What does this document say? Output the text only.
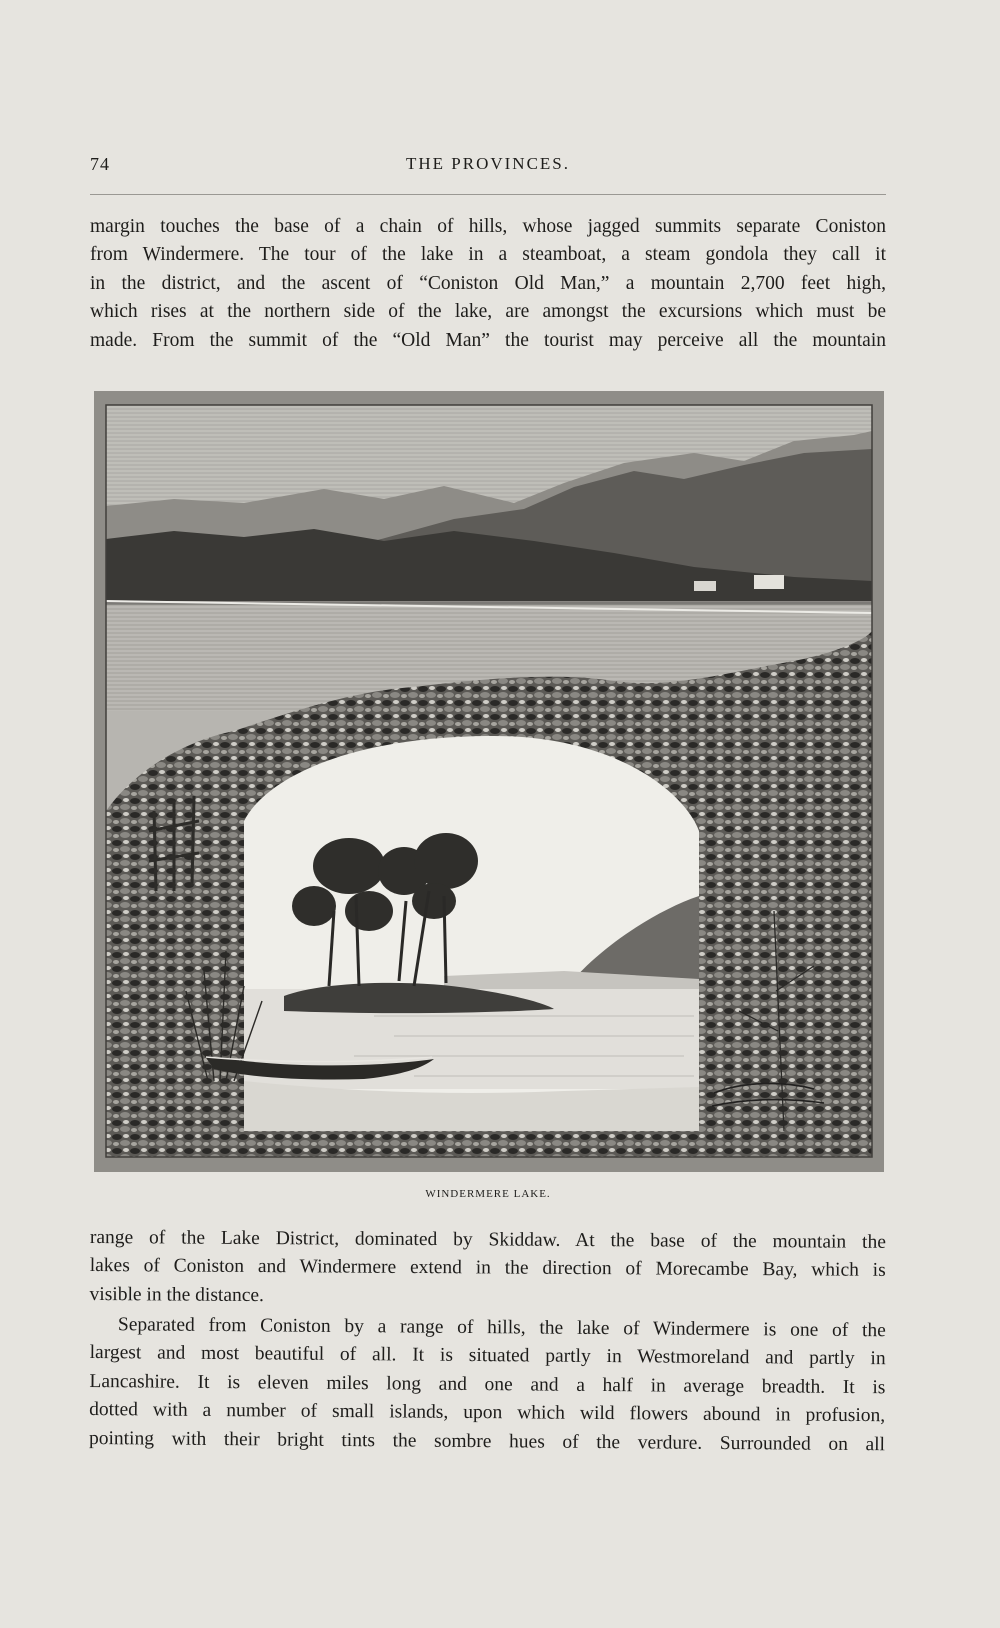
74	THE PROVINCES.
margin touches the base of a chain of hills, whose jagged summits separate Coniston
from Windermere. The tour of the lake in a steamboat, a steam gondola they call it
in the district, and the ascent of “Coniston Old Man,” a mountain 2,700 feet high,
which rises at the northern side of the lake, are amongst the excursions which must be
made. From the summit of the “Old Man” the tourist may perceive all the mountain
WINDERMERE LAKE.
range of the Lake District, dominated by Skiddaw. At the base of the mountain the
lakes of Coniston and Windermere extend in the direction of Morecambe Bay, which is
visible in the distance.
Separated from Coniston by a range of hills, the lake of Windermere is one of the
largest and most beautiful of all. It is situated partly in Westmoreland and partly in
Lancashire. It is eleven miles long and one and a half in average breadth. It is
dotted with a number of small islands, upon which wild flowers abound in profusion,
pointing with their bright tints the sombre hues of the verdure. Surrounded on all
